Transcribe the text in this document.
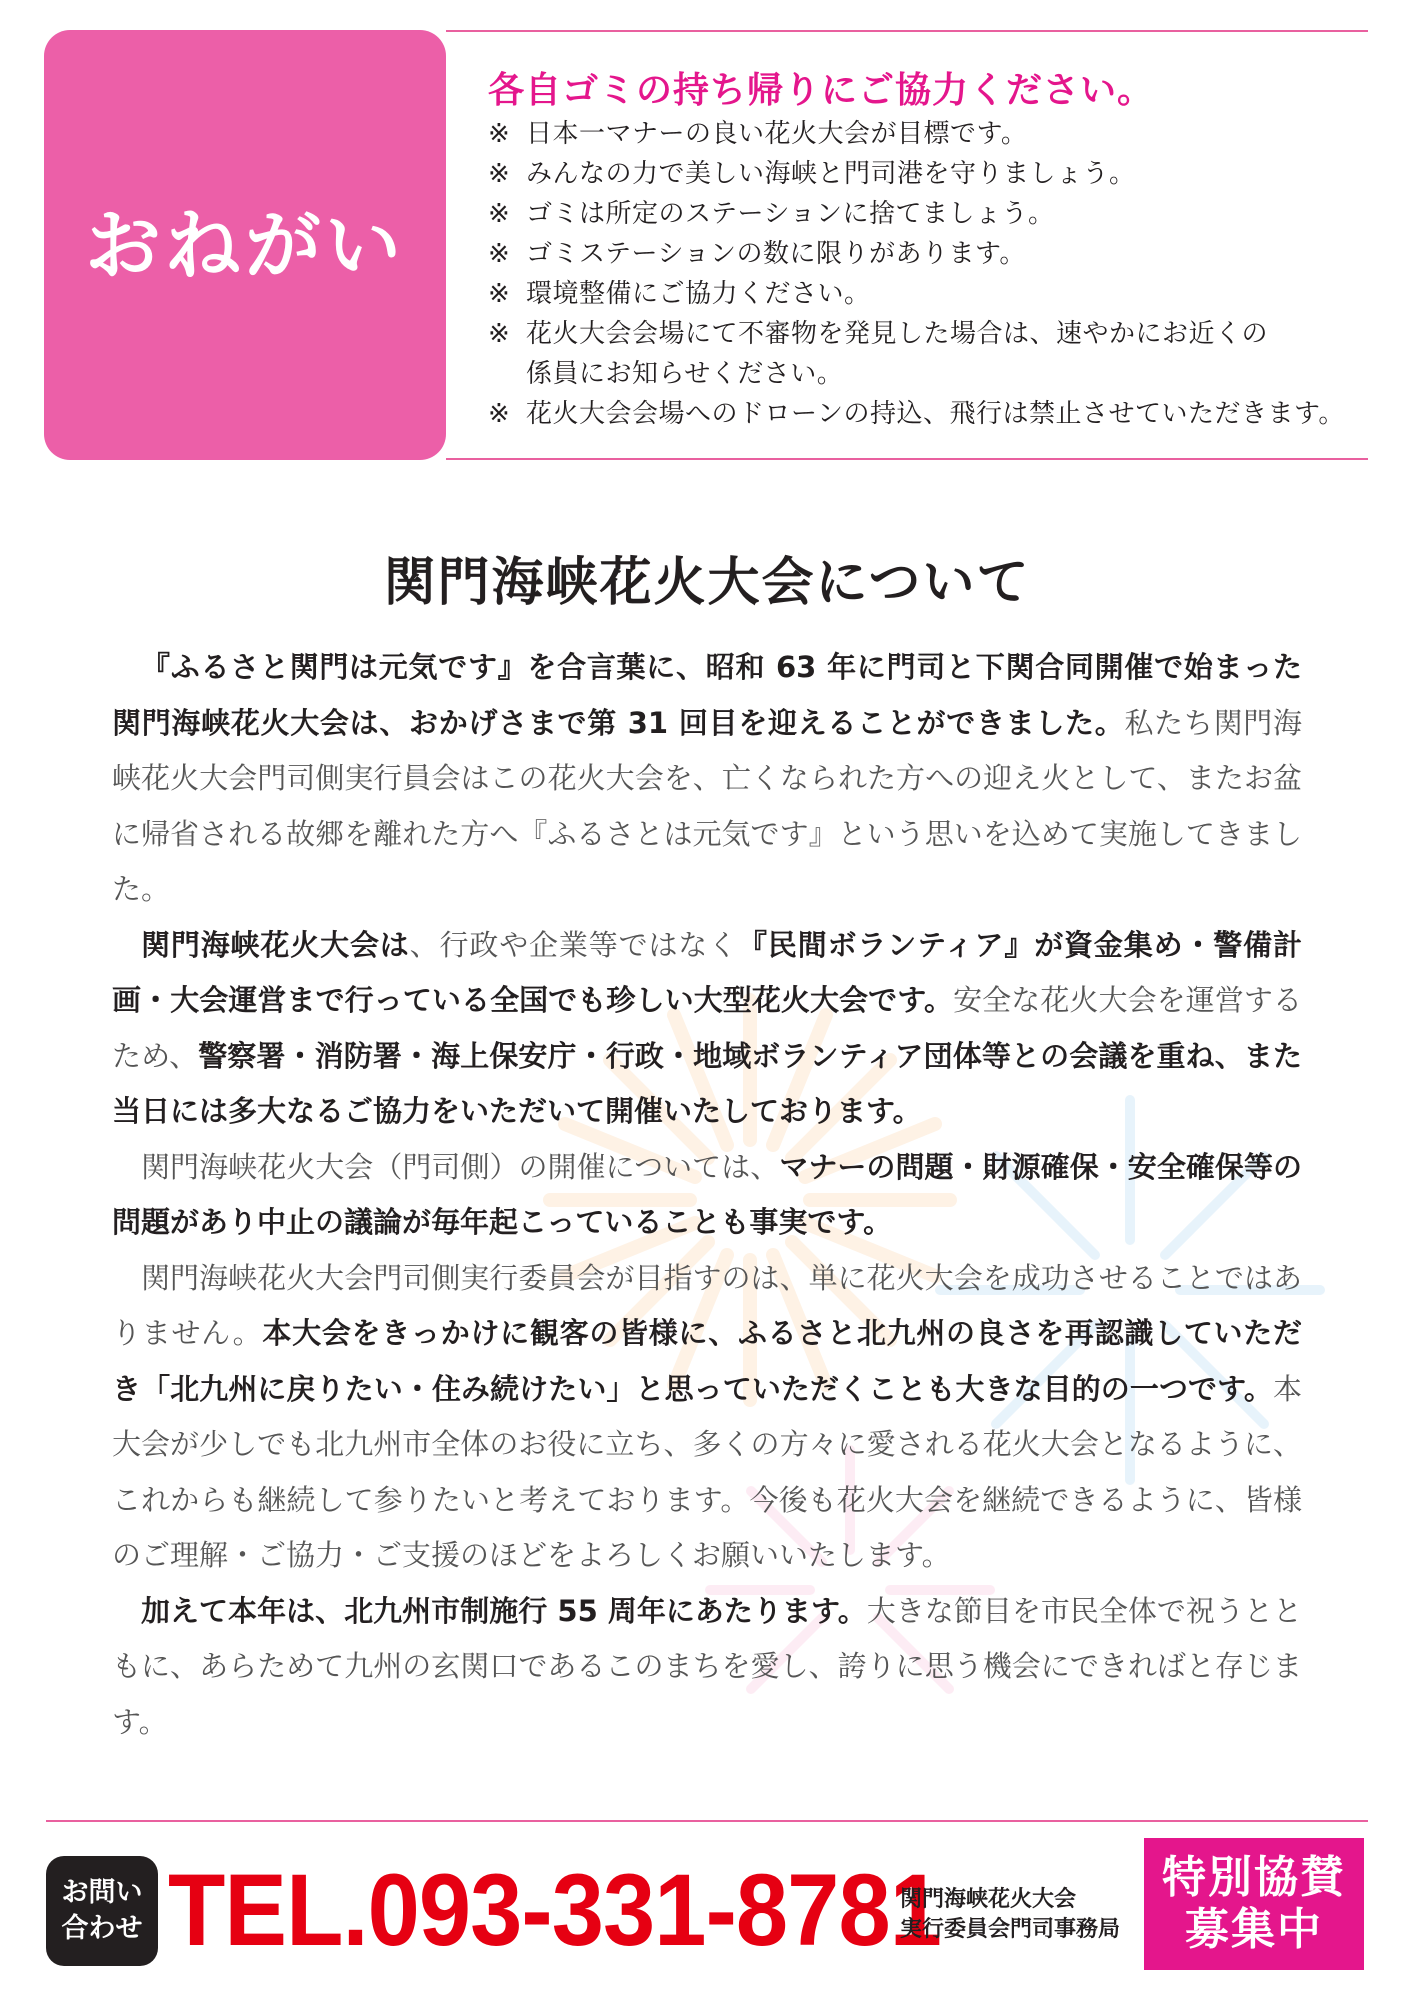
おねがい
各自ゴミの持ち帰りにご協力ください。
※ 日本一マナーの良い花火大会が目標です。
※ みんなの力で美しい海峡と門司港を守りましょう。
※ ゴミは所定のステーションに捨てましょう。
※ ゴミステーションの数に限りがあります。
※ 環境整備にご協力ください。
※ 花火大会会場にて不審物を発見した場合は、速やかにお近くの
係員にお知らせください。
※ 花火大会会場へのドローンの持込、飛行は禁止させていただきます。
関門海峡花火大会について

『ふるさと関門は元気です』を合言葉に、昭和 63 年に門司と下関合同開催で始まった関門海峡花火大会は、おかげさまで第 31 回目を迎えることができました。私たち関門海峡花火大会門司側実行員会はこの花火大会を、亡くなられた方への迎え火として、またお盆に帰省される故郷を離れた方へ『ふるさとは元気です』という思いを込めて実施してきました。

関門海峡花火大会は、行政や企業等ではなく『民間ボランティア』が資金集め・警備計画・大会運営まで行っている全国でも珍しい大型花火大会です。安全な花火大会を運営するため、警察署・消防署・海上保安庁・行政・地域ボランティア団体等との会議を重ね、また当日には多大なるご協力をいただいて開催いたしております。

関門海峡花火大会（門司側）の開催については、マナーの問題・財源確保・安全確保等の問題があり中止の議論が毎年起こっていることも事実です。

関門海峡花火大会門司側実行委員会が目指すのは、単に花火大会を成功させることではありません。本大会をきっかけに観客の皆様に、ふるさと北九州の良さを再認識していただき「北九州に戻りたい・住み続けたい」と思っていただくことも大きな目的の一つです。本大会が少しでも北九州市全体のお役に立ち、多くの方々に愛される花火大会となるように、これからも継続して参りたいと考えております。今後も花火大会を継続できるように、皆様のご理解・ご協力・ご支援のほどをよろしくお願いいたします。

加えて本年は、北九州市制施行 55 周年にあたります。大きな節目を市民全体で祝うとともに、あらためて九州の玄関口であるこのまちを愛し、誇りに思う機会にできればと存じます。

お問い
合わせ TEL.093-331-8781
関門海峡花火大会
実行委員会門司事務局
特別協賛
募集中
